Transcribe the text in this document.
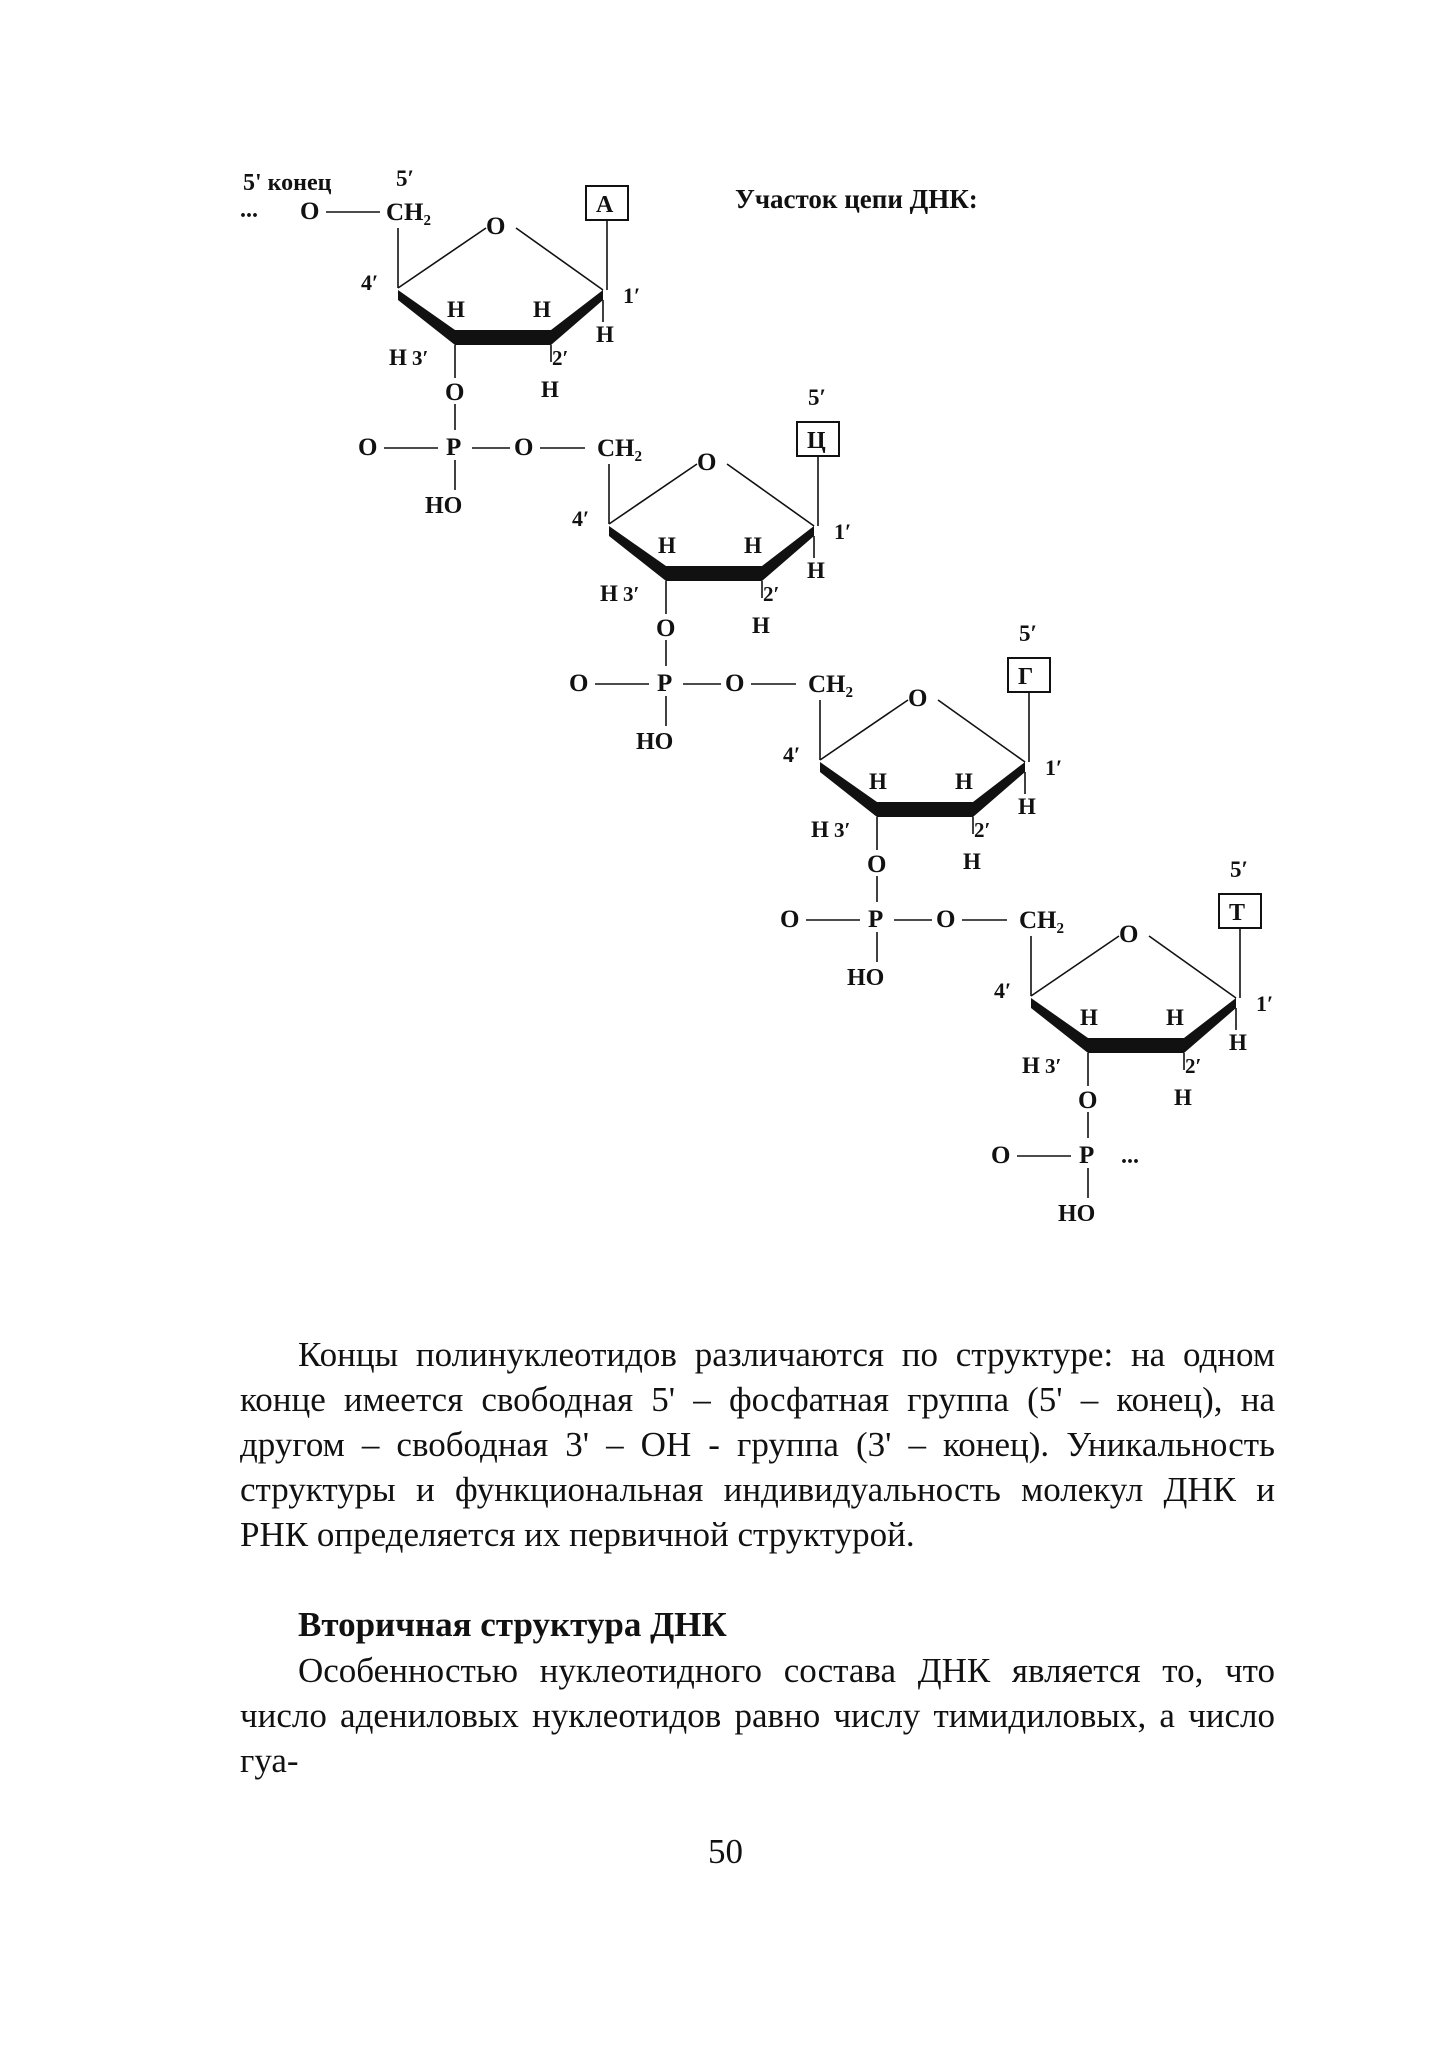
Участок цепи ДНК:
5' конец
...
5′
CH₂
O
O
4′
H	H
1′
H 3′	2′
H
H
А
O
P
O
HO
O
5′
CH₂
O
4′
H	H
1′
H 3′	2′
H
H
Ц
O
P
O
HO
O
5′
CH₂
O
4′
H	H
1′
H 3′	2′
H
H
Г
O
P
O
HO
O
5′
CH₂
O
4′
H	H
1′
H 3′	2′
H
H
Т
O
P
O
HO
...

Концы полинуклеотидов различаются по структуре: на одном конце имеется свободная 5' – фосфатная группа (5' – конец), на другом – свободная 3' – ОН - группа (3' – конец). Уникальность структуры и функциональная индивидуальность молекул ДНК и РНК определяется их первичной структурой.

Вторичная структура ДНК

Особенностью нуклеотидного состава ДНК является то, что число адениловых нуклеотидов равно числу тимидиловых, а число гуа-

50
